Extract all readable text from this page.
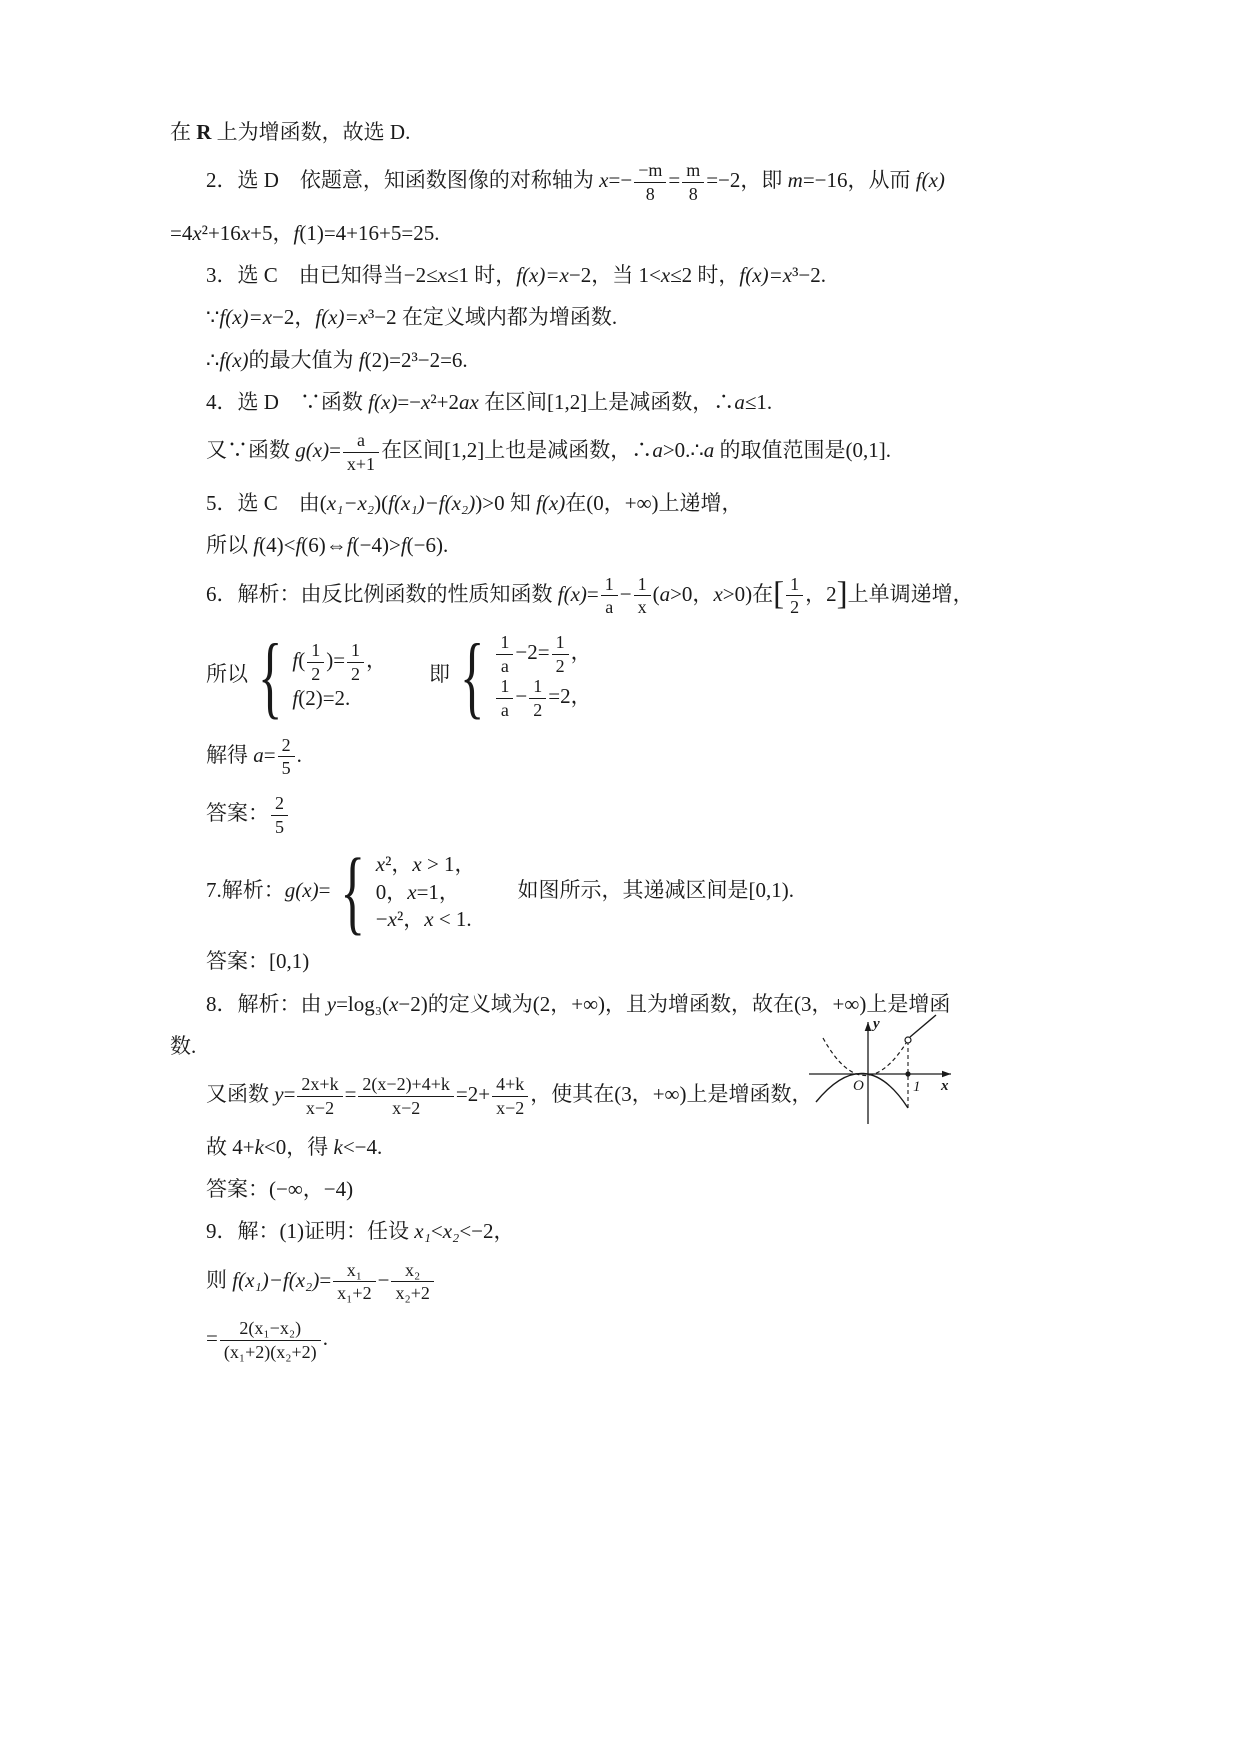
在 R 上为增函数，故选 D.
2．选 D　依题意，知函数图像的对称轴为 $x=- \frac{-m}{8} = \frac{m}{8} =-2$，即 m=−16，从而 f(x)
=4x²+16x+5，f(1)=4+16+5=25.
3．选 C　由已知得当−2≤x≤1 时，f(x)=x−2，当 1<x≤2 时，f(x)=x³−2.
∵f(x)=x−2，f(x)=x³−2 在定义域内都为增函数.
∴f(x)的最大值为 f(2)=2³−2=6.
4．选 D　∵函数 f(x)=−x²+2ax 在区间[1,2]上是减函数，∴a≤1.
又∵函数 $g(x)= \frac{a}{x+1}$ 在区间[1,2]上也是减函数，∴a>0.∴a 的取值范围是(0,1].
5．选 C　由(x₁−x₂)(f(x₁)−f(x₂))>0 知 f(x)在(0，+∞)上递增，
所以 f(4)<f(6)⇔f(−4)>f(−6).
6．解析：由反比例函数的性质知函数 $f(x)= \frac{1}{a} - \frac{1}{x} (a>0$，x>0)在[ $\frac{1}{2}$ ，2]上单调递增，
所以 { $f( \frac{1}{2}$ )= $\frac{1}{2}$ ，
f(2)=2.
　　即 { $\frac{1}{a} -2= \frac{1}{2}$ ，
$\frac{1}{a} - \frac{1}{2} =2$，
解得 $a= \frac{2}{5}$ .
答案： $\frac{2}{5}$
7.解析：g(x)= { x²，x > 1，
0，x=1，
−x²，x < 1.
　　如图所示，其递减区间是[0,1).
答案：[0,1)
8．解析：由 y=log₃(x−2)的定义域为(2，+∞)，且为增函数，故在(3，+∞)上是增函
数.
又函数 $y= \frac{2x+k}{x-2} = \frac{2(x-2)+4+k}{x-2} =2+ \frac{4+k}{x-2}$ ，使其在(3，+∞)上是增函数，
故 4+k<0，得 k<−4.
答案：(−∞，−4)
9．解：(1)证明：任设 x₁<x₂<−2，
则 $f(x_1)-f(x_2)= \frac{\text{x₁}}{\text{x₁+2}} - \frac{\text{x₂}}{\text{x₂+2}}$
= $\frac{\text{2(x₁−x₂)}}{\text{(x₁+2)(x₂+2)}}$ .
y
x
O	1
